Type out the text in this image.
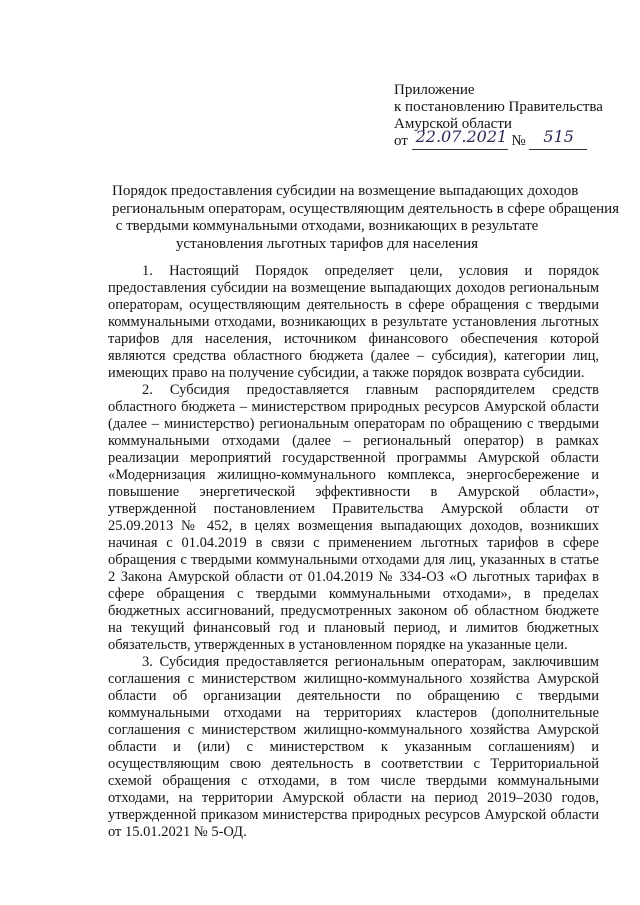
Приложение
к постановлению Правительства
Амурской области
от 22.07.2021 № 515
Порядок предоставления субсидии на возмещение выпадающих доходов
региональным операторам, осуществляющим деятельность в сфере обращения
с твердыми коммунальными отходами, возникающих в результате
установления льготных тарифов для населения

1. Настоящий Порядок определяет цели, условия и порядок предоставления субсидии на возмещение выпадающих доходов региональным операторам, осуществляющим деятельность в сфере обращения с твердыми коммунальными отходами, возникающих в результате установления льготных тарифов для населения, источником финансового обеспечения которой являются средства областного бюджета (далее – субсидия), категории лиц, имеющих право на получение субсидии, а также порядок возврата субсидии.

2. Субсидия предоставляется главным распорядителем средств областного бюджета – министерством природных ресурсов Амурской области (далее – министерство) региональным операторам по обращению с твердыми коммунальными отходами (далее – региональный оператор) в рамках реализации мероприятий государственной программы Амурской области «Модернизация жилищно-коммунального комплекса, энергосбережение и повышение энергетической эффективности в Амурской области», утвержденной постановлением Правительства Амурской области от 25.09.2013 № 452, в целях возмещения выпадающих доходов, возникших начиная с 01.04.2019 в связи с применением льготных тарифов в сфере обращения с твердыми коммунальными отходами для лиц, указанных в статье 2 Закона Амурской области от 01.04.2019 № 334-ОЗ «О льготных тарифах в сфере обращения с твердыми коммунальными отходами», в пределах бюджетных ассигнований, предусмотренных законом об областном бюджете на текущий финансовый год и плановый период, и лимитов бюджетных обязательств, утвержденных в установленном порядке на указанные цели.

3. Субсидия предоставляется региональным операторам, заключившим соглашения с министерством жилищно-коммунального хозяйства Амурской области об организации деятельности по обращению с твердыми коммунальными отходами на территориях кластеров (дополнительные соглашения с министерством жилищно-коммунального хозяйства Амурской области и (или) с министерством к указанным соглашениям) и осуществляющим свою деятельность в соответствии с Территориальной схемой обращения с отходами, в том числе твердыми коммунальными отходами, на территории Амурской области на период 2019–2030 годов, утвержденной приказом министерства природных ресурсов Амурской области от 15.01.2021 № 5-ОД.
